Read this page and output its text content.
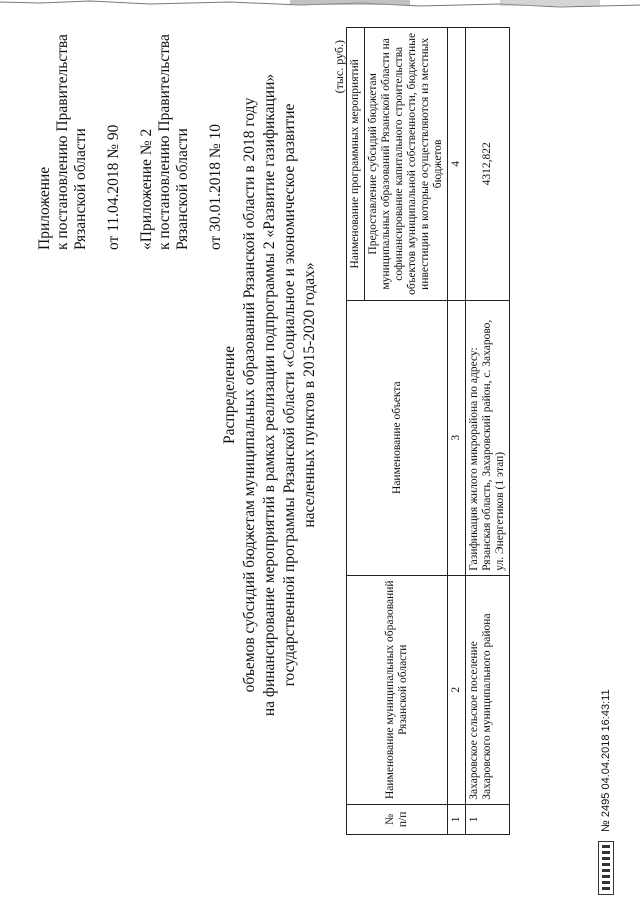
Приложение к постановлению Правительства Рязанской области от 11.04.2018 № 90 «Приложение № 2 к постановлению Правительства Рязанской области от 30.01.2018 № 10
Распределение объемов субсидий бюджетам муниципальных образований Рязанской области в 2018 году на финансирование мероприятий в рамках реализации подпрограммы 2 «Развитие газификации» государственной программы Рязанской области «Социальное и экономическое развитие населенных пунктов в 2015-2020 годах»
(тыс. руб.)
№ п/п	Наименование муниципальных образований Рязанской области	Наименование объекта	Наименование программных мероприятий
			Предоставление субсидий бюджетам муниципальных образований Рязанской области на софинансирование капитального строительства объектов муниципальной собственности, бюджетные инвестиции в которые осуществляются из местных бюджетов
1	2	3	4
1	Захаровское сельское поселение Захаровского муниципального района	Газификация жилого микрорайона по адресу: Рязанская область, Захаровский район, с. Захарово, ул. Энергетиков (1 этап)	4312,822
№ 2495 04.04.2018 16:43:11
